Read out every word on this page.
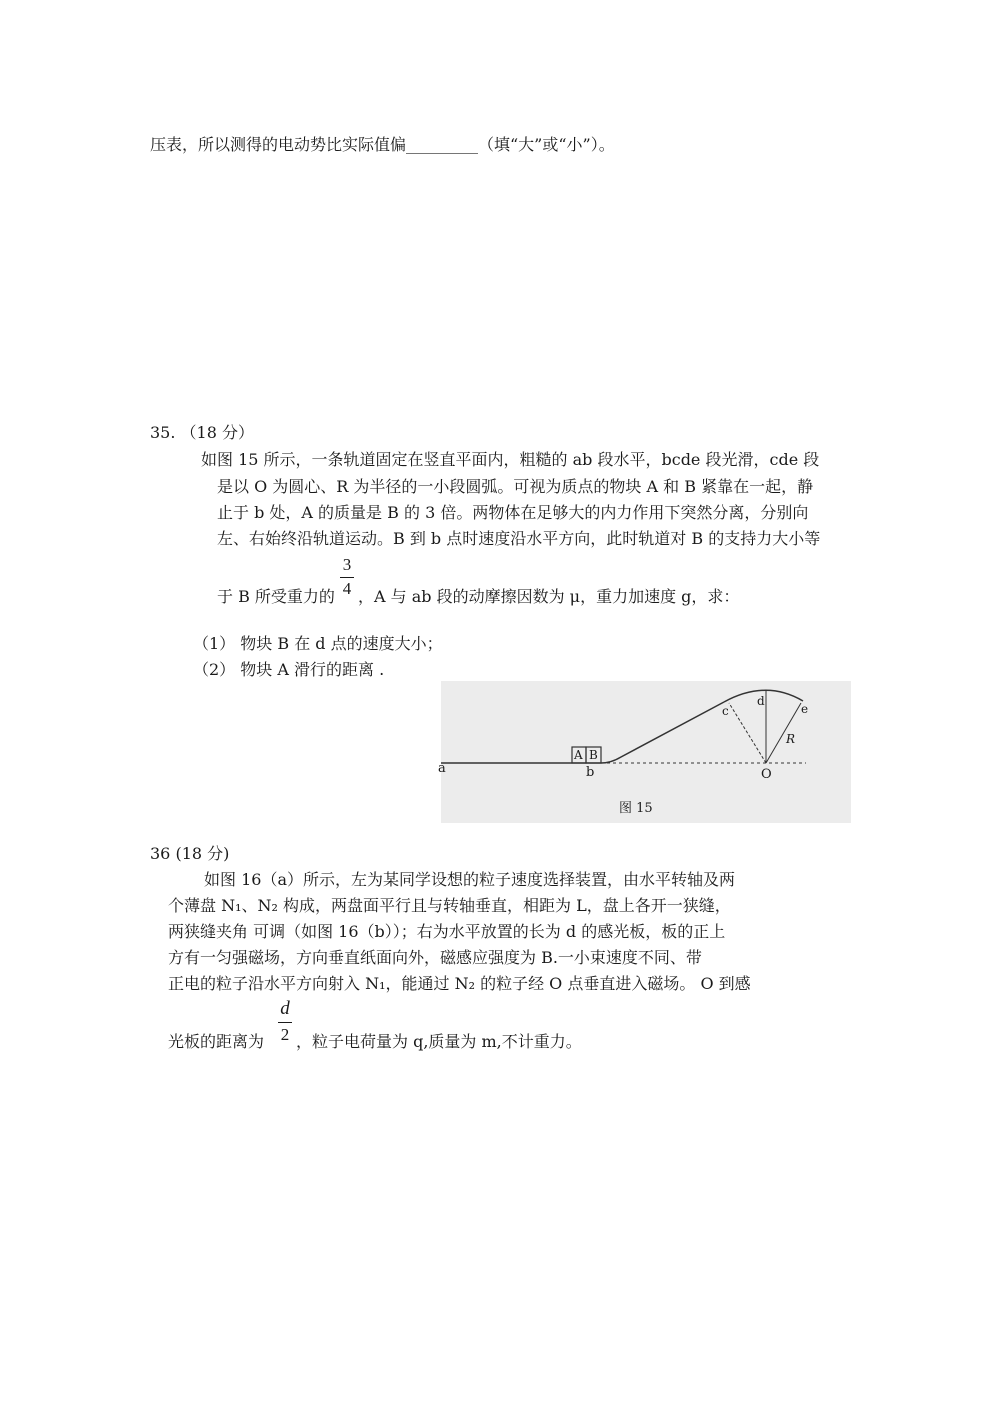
压表，所以测得的电动势比实际值偏_________（填“大”或“小”）。
35. （18 分）
如图 15 所示，一条轨道固定在竖直平面内，粗糙的 ab 段水平，bcde 段光滑，cde 段
是以 O 为圆心、R 为半径的一小段圆弧。可视为质点的物块 A 和 B 紧靠在一起，静
止于 b 处，A 的质量是 B 的 3 倍。两物体在足够大的内力作用下突然分离，分别向
左、右始终沿轨道运动。B 到 b 点时速度沿水平方向，此时轨道对 B 的支持力大小等
3
4
于 B 所受重力的 ，A 与 ab 段的动摩擦因数为 μ，重力加速度 g，求：
（1） 物块 B 在 d 点的速度大小；
（2） 物块 A 滑行的距离 .
A B
a	b
c
d
e
R
O
图 15
36 (18 分)
如图 16（a）所示，左为某同学设想的粒子速度选择装置，由水平转轴及两
个薄盘 N₁、N₂ 构成，两盘面平行且与转轴垂直，相距为 L，盘上各开一狭缝，
两狭缝夹角 可调（如图 16（b））；右为水平放置的长为 d 的感光板，板的正上
方有一匀强磁场，方向垂直纸面向外，磁感应强度为 B.一小束速度不同、带
正电的粒子沿水平方向射入 N₁，能通过 N₂ 的粒子经 O 点垂直进入磁场。 O 到感
d
2
光板的距离为 ，粒子电荷量为 q,质量为 m,不计重力。
